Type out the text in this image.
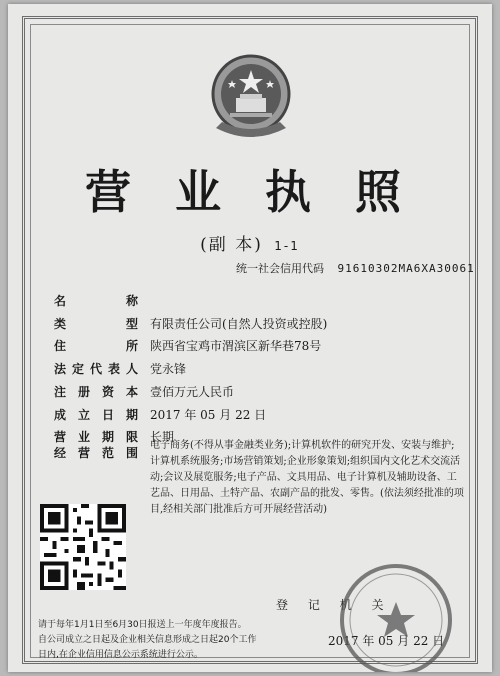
营 业 执 照
(副 本) 1-1
统一社会信用代码 91610302MA6XA30061
名称
类型 有限责任公司(自然人投资或控股)
住所 陕西省宝鸡市渭滨区新华巷78号
法定代表人 党永锋
注册资本 壹佰万元人民币
成立日期 2017 年 05 月 22 日
营业期限 长期
经营范围
电子商务(不得从事金融类业务);计算机软件的研究开发、安装与维护;计算机系统服务;市场营销策划;企业形象策划;组织国内文化艺术交流活动;会议及展览服务;电子产品、文具用品、电子计算机及辅助设备、工艺品、日用品、土特产品、农副产品的批发、零售。(依法须经批准的项目,经相关部门批准后方可开展经营活动)
登 记 机 关
请于每年1月1日至6月30日报送上一年度年度报告。
自公司成立之日起及企业相关信息形成之日起20个工作
日内,在企业信用信息公示系统进行公示。
2017 年 05 月 22 日
